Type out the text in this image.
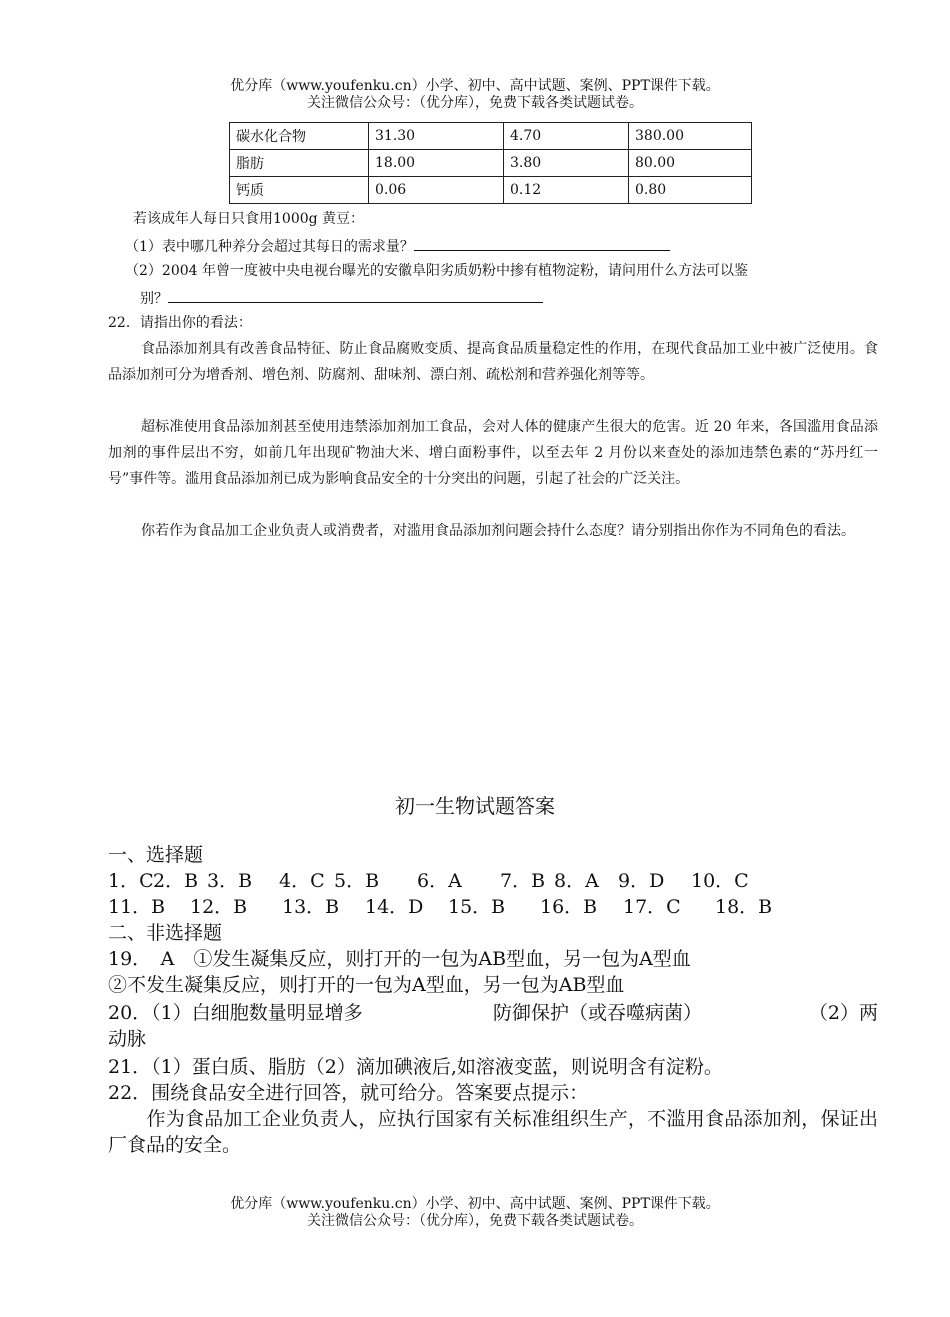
优分库（www.youfenku.cn）小学、初中、高中试题、案例、PPT课件下载。
关注微信公众号：（优分库），免费下载各类试题试卷。
碳水化合物	31.30	4.70	380.00
脂肪	18.00	3.80	80.00
钙质	0.06	0.12	0.80
若该成年人每日只食用1000g 黄豆：
（1）表中哪几种养分会超过其每日的需求量？
（2）2004 年曾一度被中央电视台曝光的安徽阜阳劣质奶粉中掺有植物淀粉，请问用什么方法可以鉴
别？
22．请指出你的看法：
食品添加剂具有改善食品特征、防止食品腐败变质、提高食品质量稳定性的作用，在现代食品加工业中被广泛使用。食品添加剂可分为增香剂、增色剂、防腐剂、甜味剂、漂白剂、疏松剂和营养强化剂等等。
超标准使用食品添加剂甚至使用违禁添加剂加工食品，会对人体的健康产生很大的危害。近 20 年来，各国滥用食品添加剂的事件层出不穷，如前几年出现矿物油大米、增白面粉事件，以至去年 2 月份以来查处的添加违禁色素的“苏丹红一号”事件等。滥用食品添加剂已成为影响食品安全的十分突出的问题，引起了社会的广泛关注。
你若作为食品加工企业负责人或消费者，对滥用食品添加剂问题会持什么态度？请分别指出你作为不同角色的看法。
初一生物试题答案
一、选择题
1．C2．B 3．B 4．C 5．B 6．A 7．B 8．A 9．D 10．C
11．B 12．B 13．B 14．D 15．B 16．B 17．C 18．B
二、非选择题
19．　A　①发生凝集反应，则打开的一包为AB型血，另一包为A型血
②不发生凝集反应，则打开的一包为A型血，另一包为AB型血
20．（1）白细胞数量明显增多	防御保护（或吞噬病菌）	（2）两
动脉
21．（1）蛋白质、脂肪（2）滴加碘液后,如溶液变蓝，则说明含有淀粉。
22．围绕食品安全进行回答，就可给分。答案要点提示：
　　作为食品加工企业负责人，应执行国家有关标准组织生产，不滥用食品添加剂，保证出厂食品的安全。
优分库（www.youfenku.cn）小学、初中、高中试题、案例、PPT课件下载。
关注微信公众号：（优分库），免费下载各类试题试卷。
